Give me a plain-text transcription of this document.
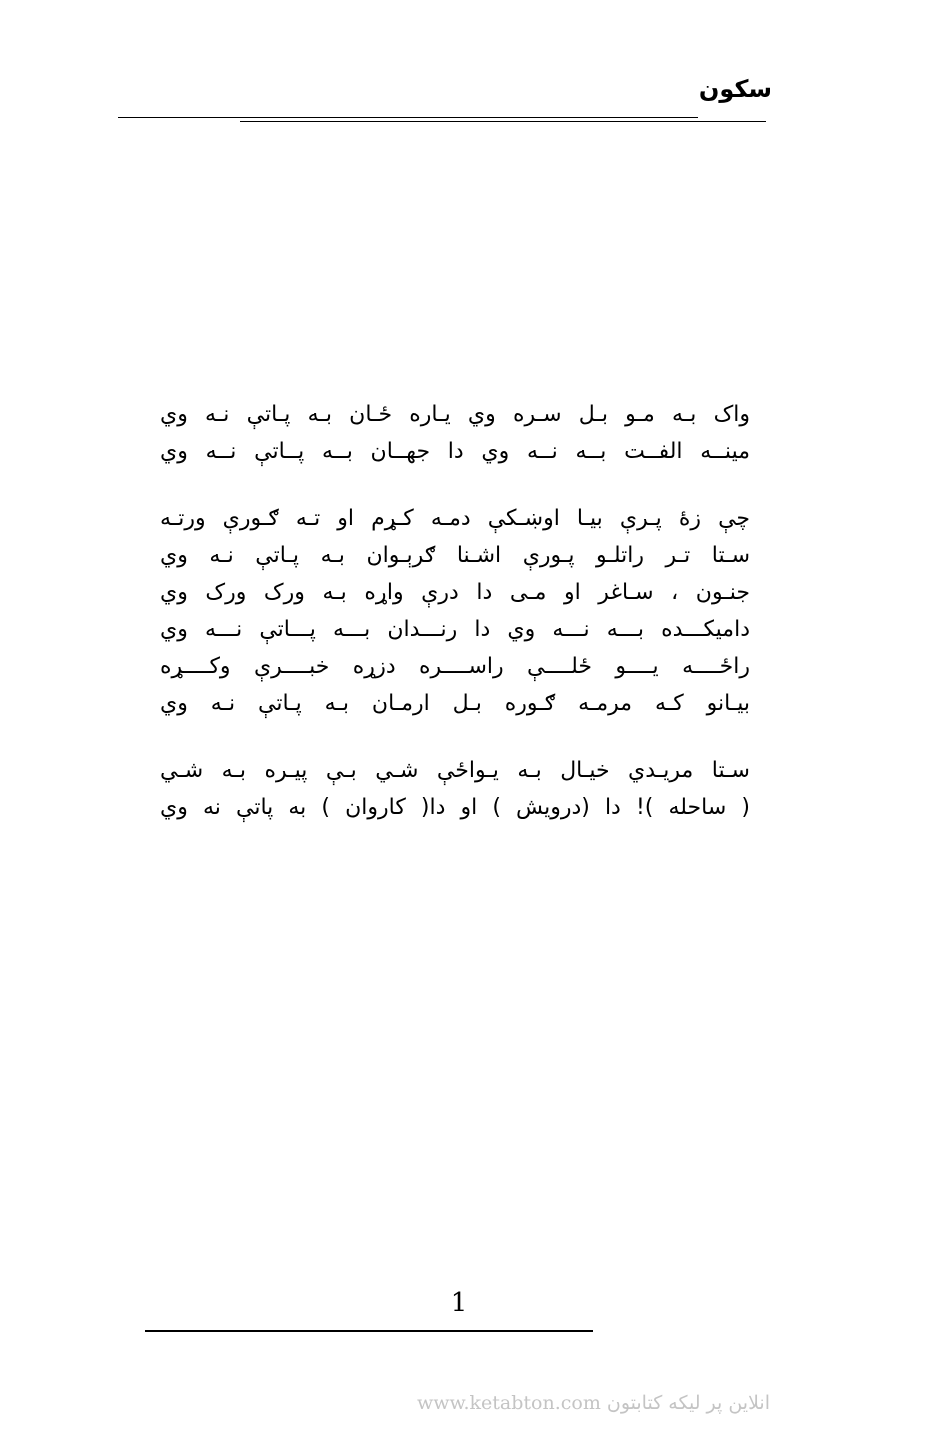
سکون
واک بـه مـو بـل سـره وي يـاره ځـان بـه پـاتې نـه وي
مينــه الفــت بــه نــه وي دا جهــان بــه پــاتې نــه وي
چې زۀ پـرې بيـا اوښـکې دمـه کـړم او تـه ګـورې ورتـه
سـتا تـر راتلـو پـورې اشـنا ګرېـوان بـه پـاتې نـه وي
جنـون ، سـاغر او مـی دا درې واړه بـه ورک ورک وي
داميکـــده بـــه نـــه وي دا رنـــدان بـــه پـــاتې نـــه وي
راځــــه يــــو ځلــــې راســــره دزړه خبــــرې وکــــړه
بيـانو کـه مرمـه ګـوره بـل ارمـان بـه پـاتې نـه وي
سـتا مريـدي خيـال بـه يـواځې شـي بـې پيـره بـه شـي
( ساحله )! دا (درويش ) او دا( کاروان ) به پاتې نه وي
1
www.ketabton.com انلاين پر ليکه کتابتون
